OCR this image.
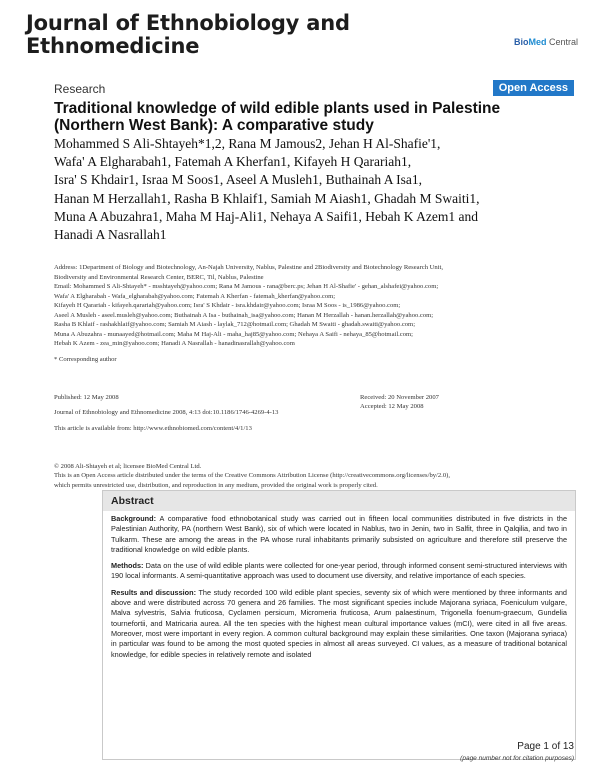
Journal of Ethnobiology and
Ethnomedicine	BioMed Central
Research	Open Access
Traditional knowledge of wild edible plants used in Palestine
(Northern West Bank): A comparative study
Mohammed S Ali-Shtayeh*1,2, Rana M Jamous2, Jehan H Al-Shafie'1,
Wafa' A Elgharabah1, Fatemah A Kherfan1, Kifayeh H Qarariah1,
Isra' S Khdair1, Israa M Soos1, Aseel A Musleh1, Buthainah A Isa1,
Hanan M Herzallah1, Rasha B Khlaif1, Samiah M Aiash1, Ghadah M Swaiti1,
Muna A Abuzahra1, Maha M Haj-Ali1, Nehaya A Saifi1, Hebah K Azem1 and
Hanadi A Nasrallah1
Address: 1Department of Biology and Biotechnology, An-Najah University, Nablus, Palestine and 2Biodiversity and Biotechnology Research Unit,
Biodiversity and Environmental Research Center, BERC, Til, Nablus, Palestine
Email: Mohammed S Ali-Shtayeh* - msshtayeh@yahoo.com; Rana M Jamous - rana@berc.ps; Jehan H Al-Shafie' - gehan_alshafei@yahoo.com;
Wafa' A Elgharabah - Wafa_elgharabah@yahoo.com; Fatemah A Kherfan - fatemah_kherfan@yahoo.com;
Kifayeh H Qarariah - kifayeh.qarariah@yahoo.com; Isra' S Khdair - isra.khdair@yahoo.com; Israa M Soos - is_1986@yahoo.com;
Aseel A Musleh - aseel.musleh@yahoo.com; Buthainah A Isa - buthainah_isa@yahoo.com; Hanan M Herzallah - hanan.herzallah@yahoo.com;
Rasha B Khlaif - rashakhlaif@yahoo.com; Samiah M Aiash - laylak_712@hotmail.com; Ghadah M Swaiti - ghadah.swaiti@yahoo.com;
Muna A Abuzahra - munaayed@hotmail.com; Maha M Haj-Ali - maha_haj85@yahoo.com; Nehaya A Saifi - nehaya_85@hotmail.com;
Hebah K Azem - zea_min@yahoo.com; Hanadi A Nasrallah - hanadinasrallah@yahoo.com
* Corresponding author
Published: 12 May 2008
Journal of Ethnobiology and Ethnomedicine 2008, 4:13 doi:10.1186/1746-4269-4-13
This article is available from: http://www.ethnobiomed.com/content/4/1/13
Received: 20 November 2007
Accepted: 12 May 2008
© 2008 Ali-Shtayeh et al; licensee BioMed Central Ltd.
This is an Open Access article distributed under the terms of the Creative Commons Attribution License (http://creativecommons.org/licenses/by/2.0),
which permits unrestricted use, distribution, and reproduction in any medium, provided the original work is properly cited.
Abstract

Background: A comparative food ethnobotanical study was carried out in fifteen local communities distributed in five districts in the Palestinian Authority, PA (northern West Bank), six of which were located in Nablus, two in Jenin, two in Salfit, three in Qalqilia, and two in Tulkarm. These are among the areas in the PA whose rural inhabitants primarily subsisted on agriculture and therefore still preserve the traditional knowledge on wild edible plants.

Methods: Data on the use of wild edible plants were collected for one-year period, through informed consent semi-structured interviews with 190 local informants. A semi-quantitative approach was used to document use diversity, and relative importance of each species.

Results and discussion: The study recorded 100 wild edible plant species, seventy six of which were mentioned by three informants and above and were distributed across 70 genera and 26 families. The most significant species include Majorana syriaca, Foeniculum vulgare, Malva sylvestris, Salvia fruticosa, Cyclamen persicum, Micromeria fruticosa, Arum palaestinum, Trigonella foenum-graecum, Gundelia tournefortii, and Matricaria aurea. All the ten species with the highest mean cultural importance values (mCI), were cited in all five areas. Moreover, most were important in every region. A common cultural background may explain these similarities. One taxon (Majorana syriaca) in particular was found to be among the most quoted species in almost all areas surveyed. CI values, as a measure of traditional botanical knowledge, for edible species in relatively remote and isolated

Page 1 of 13
(page number not for citation purposes)
